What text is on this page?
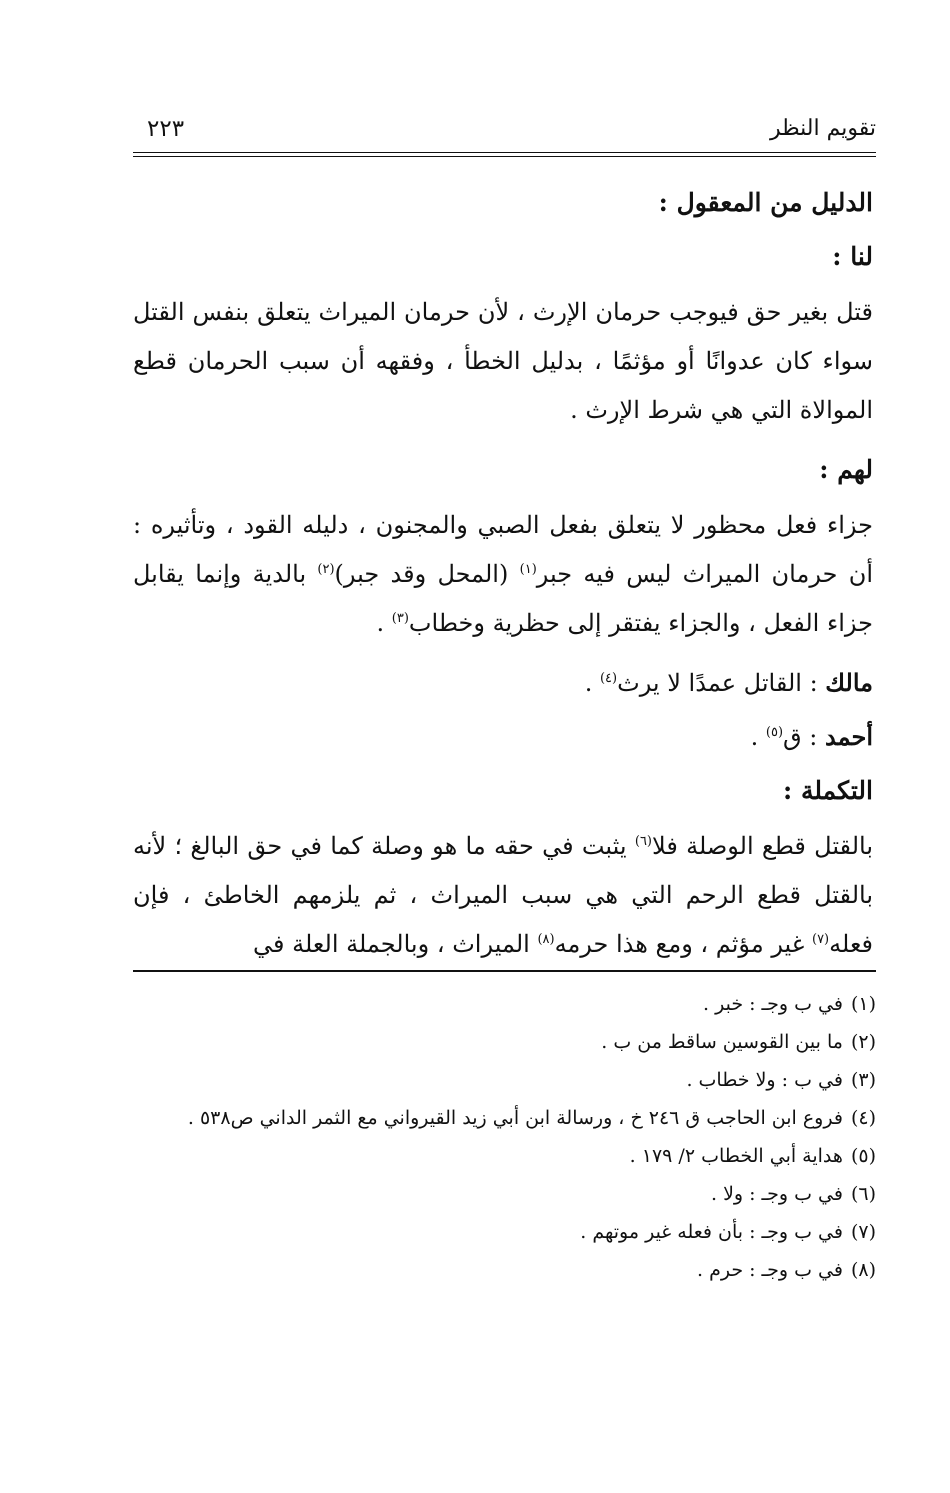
تقويم النظر
٢٢٣

الدليل من المعقول :

لنا :

قتل بغير حق فيوجب حرمان الإرث ، لأن حرمان الميراث يتعلق بنفس القتل سواء كان عدوانًا أو مؤثمًا ، بدليل الخطأ ، وفقهه أن سبب الحرمان قطع الموالاة التي هي شرط الإرث .

لهم :

جزاء فعل محظور لا يتعلق بفعل الصبي والمجنون ، دليله القود ، وتأثيره : أن حرمان الميراث ليس فيه جبر$^{(١)}$ (المحل وقد جبر)$^{(٢)}$ بالدية وإنما يقابل جزاء الفعل ، والجزاء يفتقر إلى حظرية وخطاب$^{(٣)}$ .

مالك : القاتل عمدًا لا يرث$^{(٤)}$ .

أحمد : ق$^{(٥)}$ .

التكملة :

بالقتل قطع الوصلة فلا$^{(٦)}$ يثبت في حقه ما هو وصلة كما في حق البالغ ؛ لأنه بالقتل قطع الرحم التي هي سبب الميراث ، ثم يلزمهم الخاطئ ، فإن فعله$^{(٧)}$ غير مؤثم ، ومع هذا حرمه$^{(٨)}$ الميراث ، وبالجملة العلة في

(١)في ب وجـ : خبر .

(٢)ما بين القوسين ساقط من ب .

(٣)في ب : ولا خطاب .

(٤)فروع ابن الحاجب ق ٢٤٦ خ ، ورسالة ابن أبي زيد القيرواني مع الثمر الداني ص٥٣٨ .

(٥)هداية أبي الخطاب ٢/ ١٧٩ .

(٦)في ب وجـ : ولا .

(٧)في ب وجـ : بأن فعله غير موتهم .

(٨)في ب وجـ : حرم .
